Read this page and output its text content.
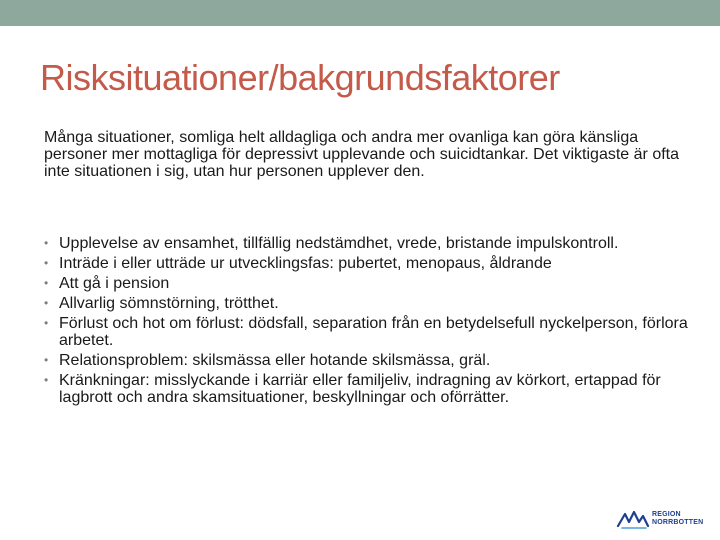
Risksituationer/bakgrundsfaktorer

Många situationer, somliga helt alldagliga och andra mer ovanliga kan göra känsliga personer mer mottagliga för depressivt upplevande och suicidtankar. Det viktigaste är ofta inte situationen i sig, utan hur personen upplever den.

• Upplevelse av ensamhet, tillfällig nedstämdhet, vrede, bristande impulskontroll.
• Inträde i eller utträde ur utvecklingsfas: pubertet, menopaus, åldrande
• Att gå i pension
• Allvarlig sömnstörning, trötthet.
• Förlust och hot om förlust: dödsfall, separation från en betydelsefull nyckelperson, förlora arbetet.
• Relationsproblem: skilsmässa eller hotande skilsmässa, gräl.
• Kränkningar: misslyckande i karriär eller familjeliv, indragning av körkort, ertappad för lagbrott och andra skamsituationer, beskyllningar och oförrätter.
REGION
NORRBOTTEN
